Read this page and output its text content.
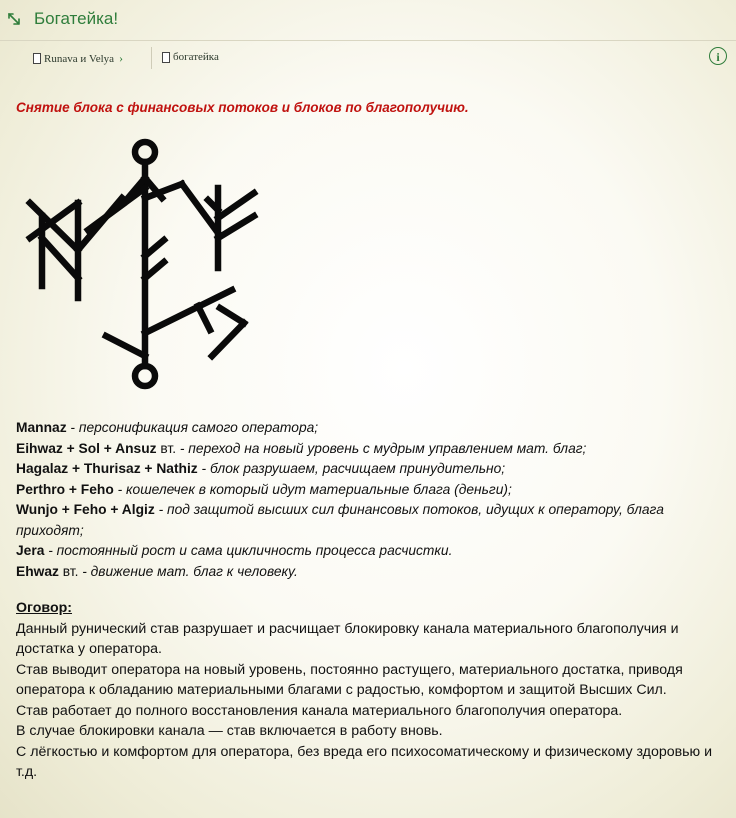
Богатейка!
Runava и Velya ›	богатейка	i

Снятие блока с финансовых потоков и блоков по благополучию.

Mannaz - персонификация самого оператора;

Eihwaz + Sol + Ansuz вт. - переход на новый уровень с мудрым управлением мат. благ;

Hagalaz + Thurisaz + Nathiz - блок разрушаем, расчищаем принудительно;

Perthro + Feho - кошелечек в который идут материальные блага (деньги);

Wunjo + Feho + Algiz - под защитой высших сил финансовых потоков, идущих к оператору, блага приходят;

Jera - постоянный рост и сама цикличность процесса расчистки.

Ehwaz вт. - движение мат. благ к человеку.

Оговор:

Данный рунический став разрушает и расчищает блокировку канала материального благополучия и достатка у оператора.

Став выводит оператора на новый уровень, постоянно растущего, материального достатка, приводя оператора к обладанию материальными благами с радостью, комфортом и защитой Высших Сил.

Став работает до полного восстановления канала материального благополучия оператора.

В случае блокировки канала — став включается в работу вновь.

С лёгкостью и комфортом для оператора, без вреда его психосоматическому и физическому здоровью и т.д.
